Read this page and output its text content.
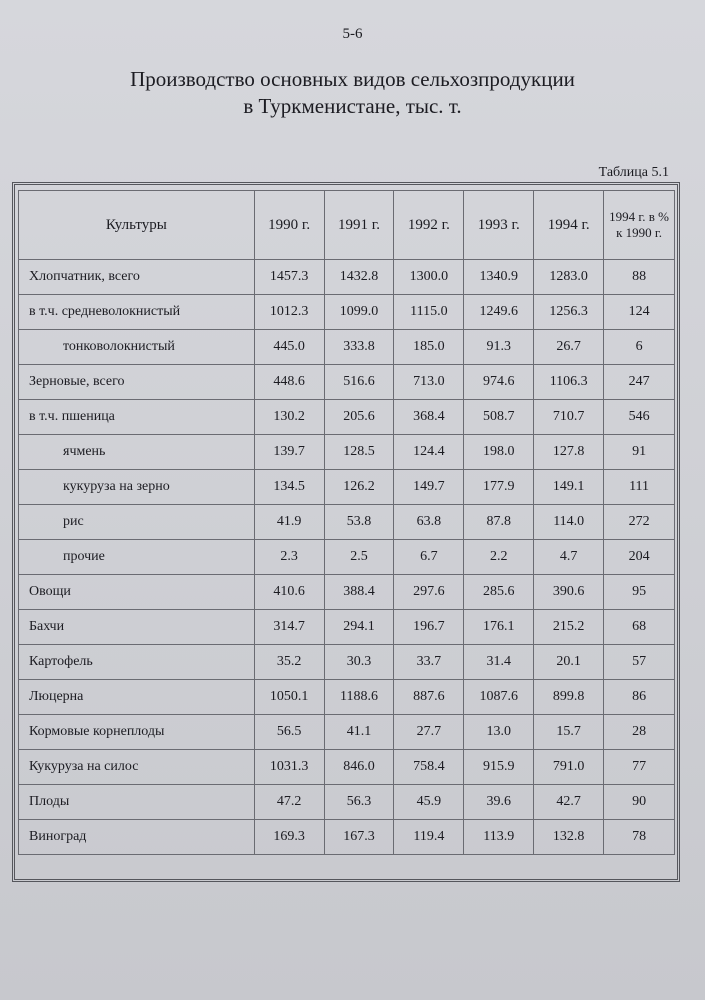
5-6
Производство основных видов сельхозпродукции
в Туркменистане, тыс. т.
Таблица 5.1
Культуры	1990 г.	1991 г.	1992 г.	1993 г.	1994 г.	1994 г. в % к 1990 г.
Хлопчатник, всего	1457.3	1432.8	1300.0	1340.9	1283.0	88
в т.ч. средневолокнистый	1012.3	1099.0	1115.0	1249.6	1256.3	124
тонковолокнистый	445.0	333.8	185.0	91.3	26.7	6
Зерновые, всего	448.6	516.6	713.0	974.6	1106.3	247
в т.ч. пшеница	130.2	205.6	368.4	508.7	710.7	546
ячмень	139.7	128.5	124.4	198.0	127.8	91
кукуруза на зерно	134.5	126.2	149.7	177.9	149.1	111
рис	41.9	53.8	63.8	87.8	114.0	272
прочие	2.3	2.5	6.7	2.2	4.7	204
Овощи	410.6	388.4	297.6	285.6	390.6	95
Бахчи	314.7	294.1	196.7	176.1	215.2	68
Картофель	35.2	30.3	33.7	31.4	20.1	57
Люцерна	1050.1	1188.6	887.6	1087.6	899.8	86
Кормовые корнеплоды	56.5	41.1	27.7	13.0	15.7	28
Кукуруза на силос	1031.3	846.0	758.4	915.9	791.0	77
Плоды	47.2	56.3	45.9	39.6	42.7	90
Виноград	169.3	167.3	119.4	113.9	132.8	78
